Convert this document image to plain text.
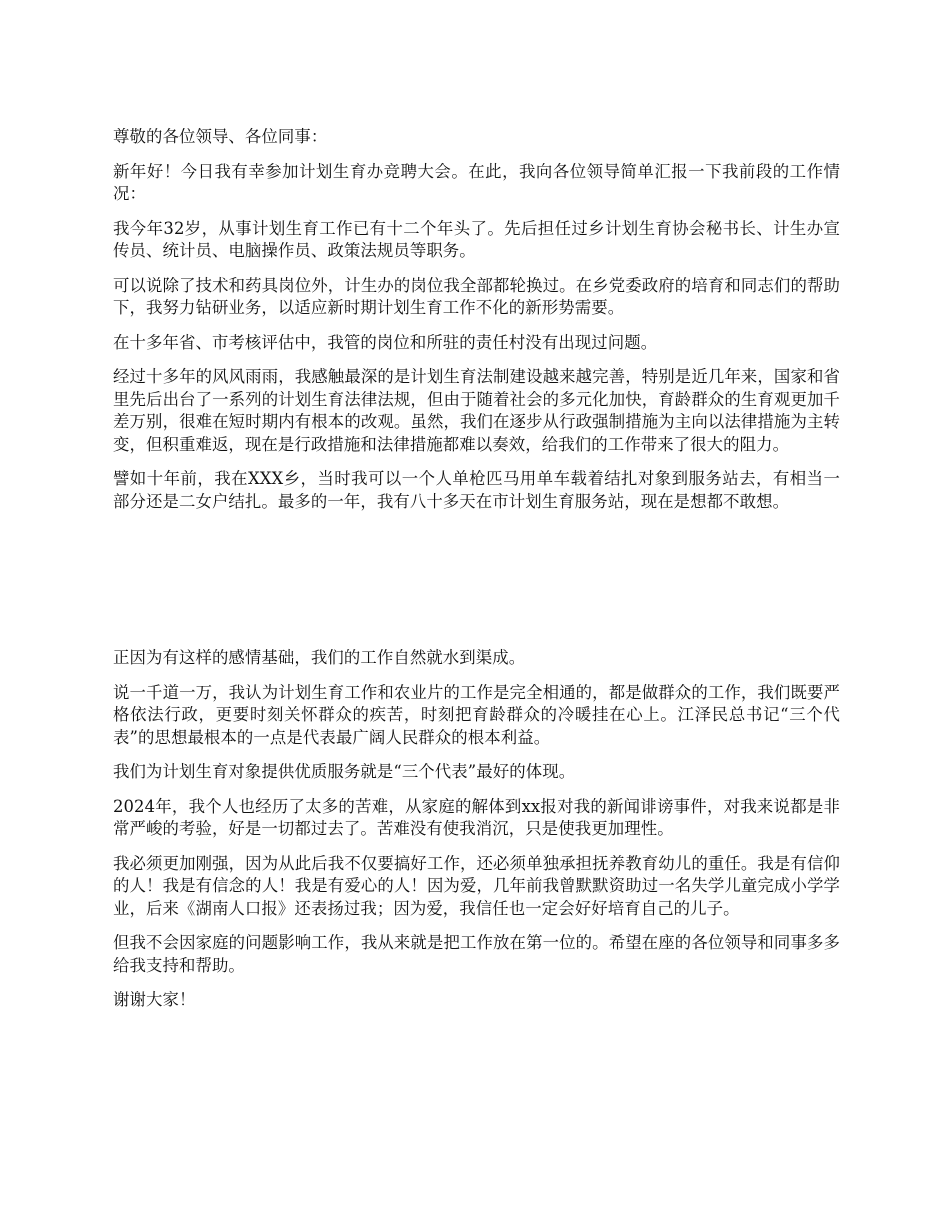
尊敬的各位领导、各位同事：

新年好！今日我有幸参加计划生育办竞聘大会。在此，我向各位领导简单汇报一下我前段的工作情况：

我今年32岁，从事计划生育工作已有十二个年头了。先后担任过乡计划生育协会秘书长、计生办宣传员、统计员、电脑操作员、政策法规员等职务。

可以说除了技术和药具岗位外，计生办的岗位我全部都轮换过。在乡党委政府的培育和同志们的帮助下，我努力钻研业务，以适应新时期计划生育工作不化的新形势需要。

在十多年省、市考核评估中，我管的岗位和所驻的责任村没有出现过问题。

经过十多年的风风雨雨，我感触最深的是计划生育法制建设越来越完善，特别是近几年来，国家和省里先后出台了一系列的计划生育法律法规，但由于随着社会的多元化加快，育龄群众的生育观更加千差万别，很难在短时期内有根本的改观。虽然，我们在逐步从行政强制措施为主向以法律措施为主转变，但积重难返，现在是行政措施和法律措施都难以奏效，给我们的工作带来了很大的阻力。

譬如十年前，我在XXX乡，当时我可以一个人单枪匹马用单车载着结扎对象到服务站去，有相当一部分还是二女户结扎。最多的一年，我有八十多天在市计划生育服务站，现在是想都不敢想。

正因为有这样的感情基础，我们的工作自然就水到渠成。

说一千道一万，我认为计划生育工作和农业片的工作是完全相通的，都是做群众的工作，我们既要严格依法行政，更要时刻关怀群众的疾苦，时刻把育龄群众的冷暖挂在心上。江泽民总书记“三个代表”的思想最根本的一点是代表最广阔人民群众的根本利益。

我们为计划生育对象提供优质服务就是“三个代表”最好的体现。

2024年，我个人也经历了太多的苦难，从家庭的解体到xx报对我的新闻诽谤事件，对我来说都是非常严峻的考验，好是一切都过去了。苦难没有使我消沉，只是使我更加理性。

我必须更加刚强，因为从此后我不仅要搞好工作，还必须单独承担抚养教育幼儿的重任。我是有信仰的人！我是有信念的人！我是有爱心的人！因为爱，几年前我曾默默资助过一名失学儿童完成小学学业，后来《湖南人口报》还表扬过我；因为爱，我信任也一定会好好培育自己的儿子。

但我不会因家庭的问题影响工作，我从来就是把工作放在第一位的。希望在座的各位领导和同事多多给我支持和帮助。

谢谢大家！
